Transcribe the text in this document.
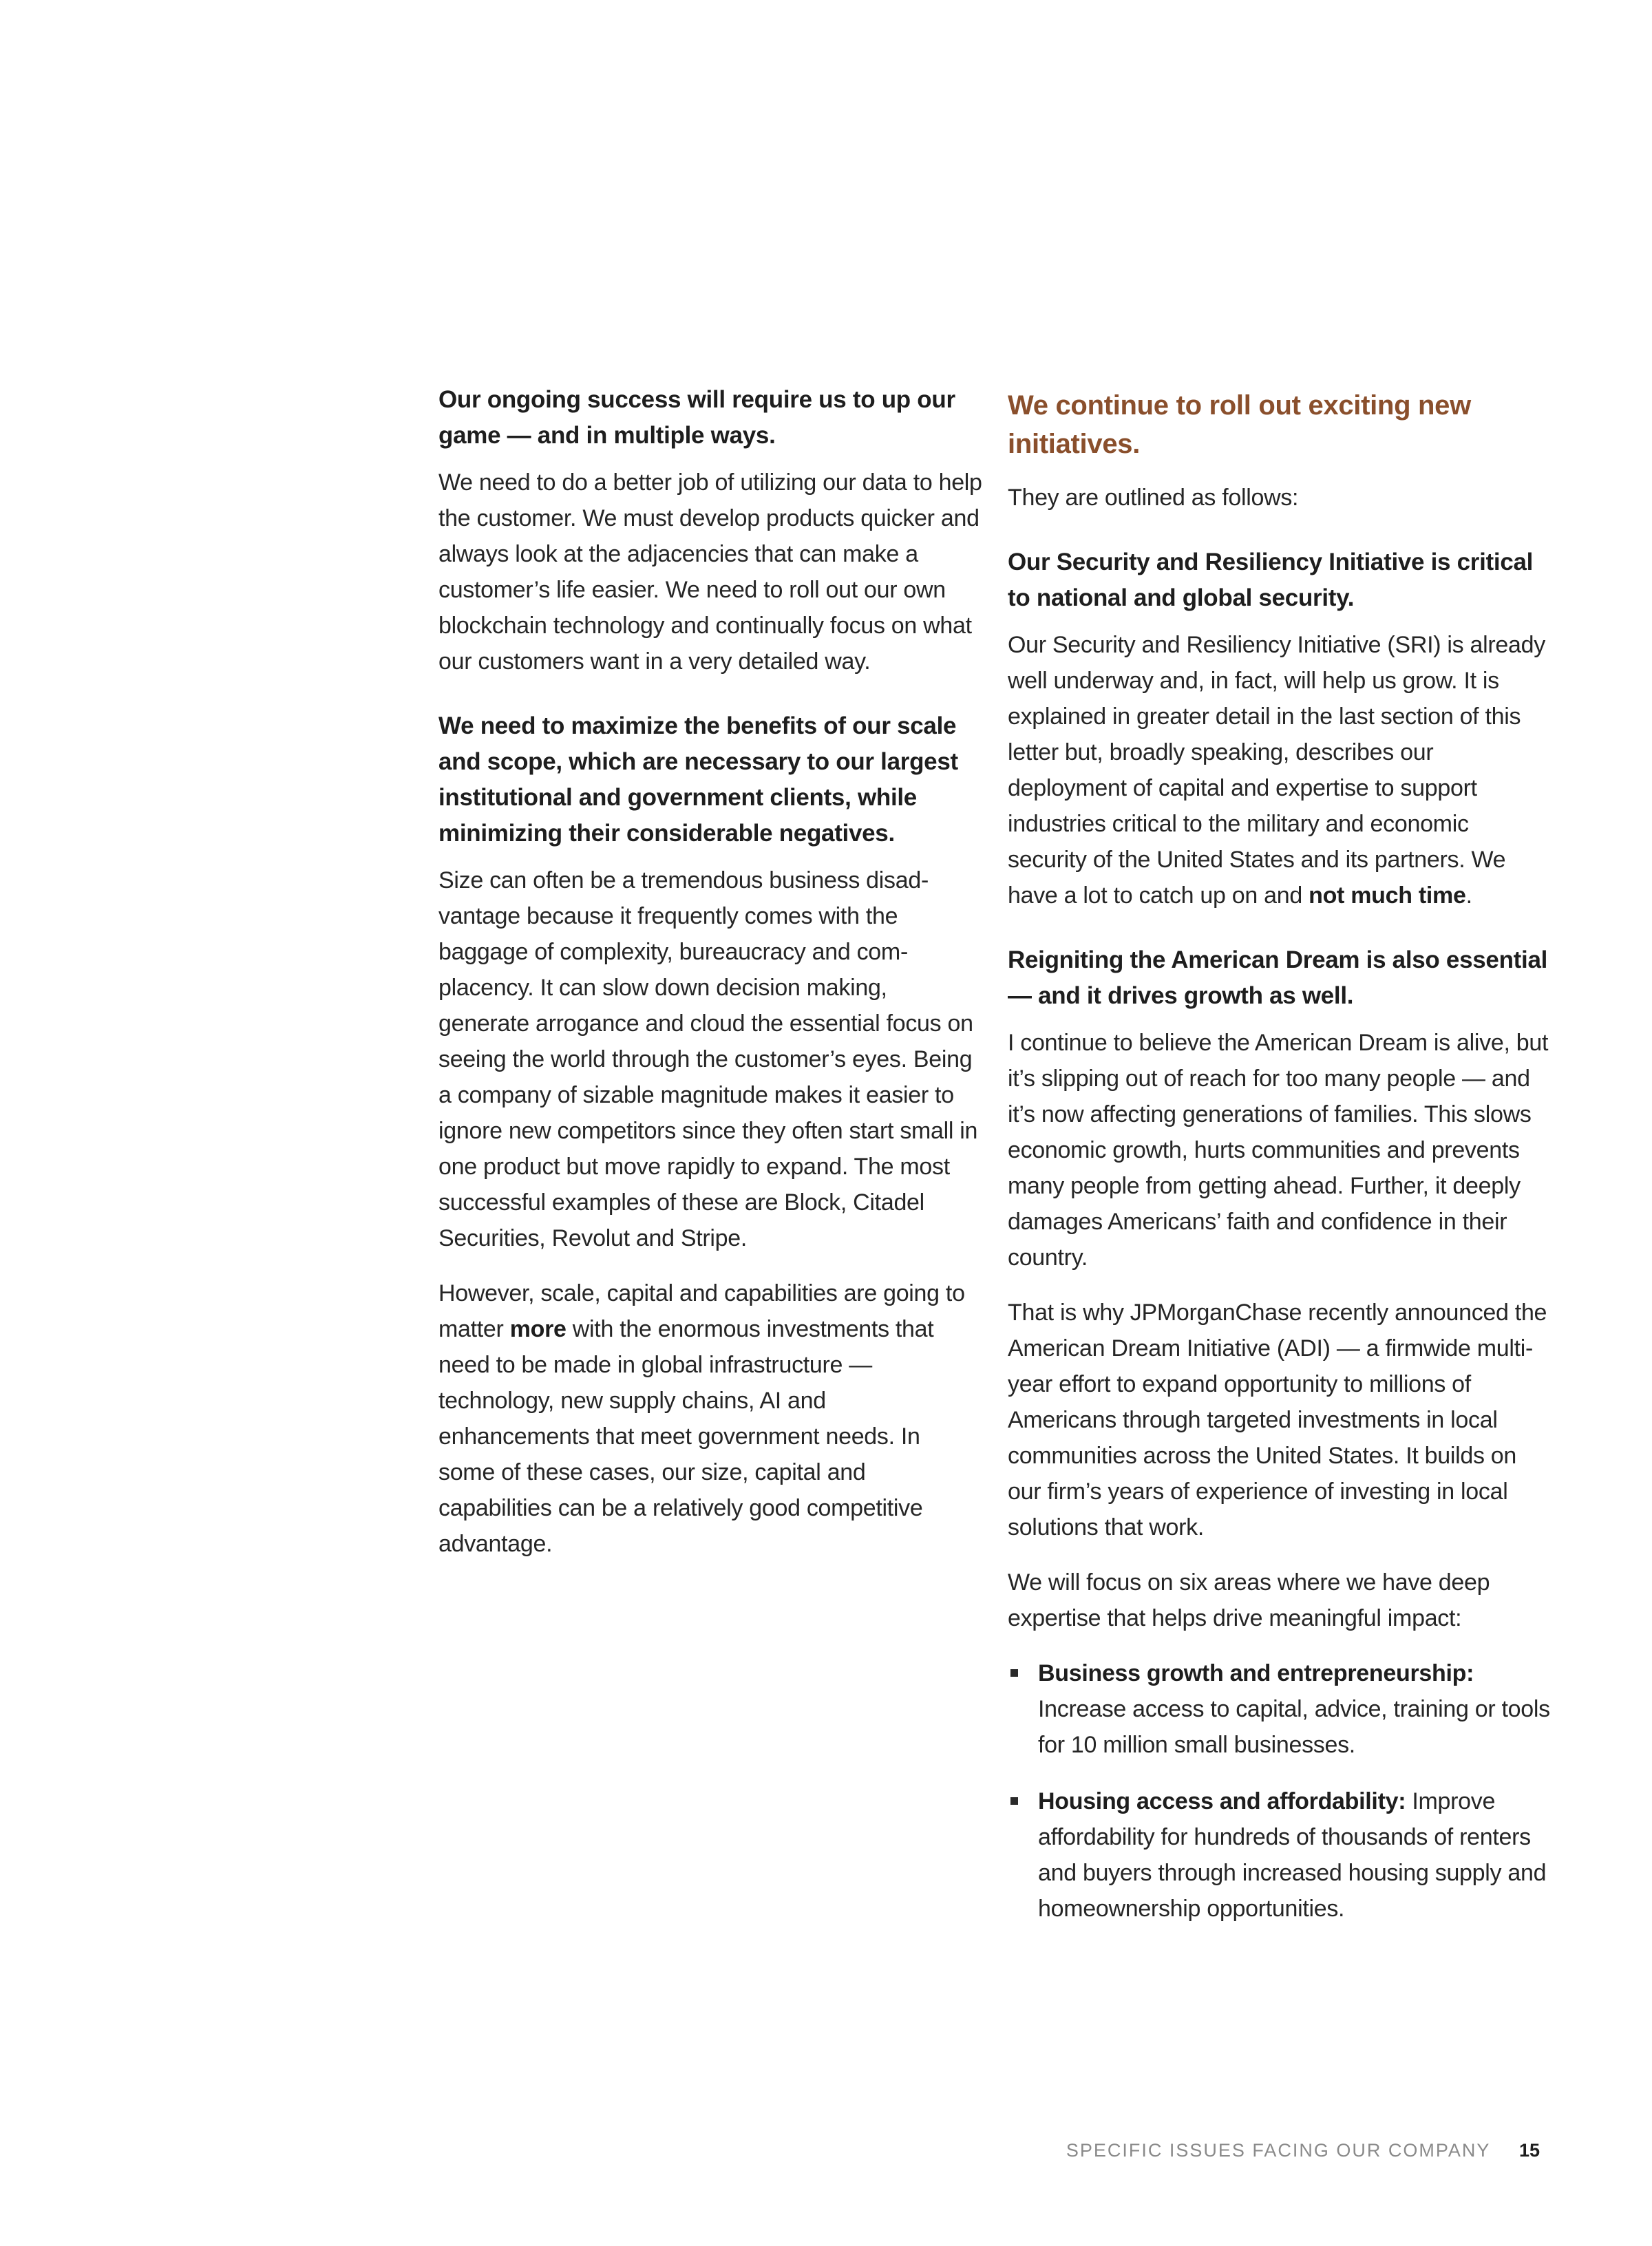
Our ongoing success will require us to up our game — and in multiple ways.

We need to do a better job of utilizing our data to help the customer. We must develop products quicker and always look at the adjacencies that can make a customer’s life easier. We need to roll out our own blockchain technology and continually focus on what our customers want in a very detailed way.

We need to maximize the benefits of our scale and scope, which are necessary to our largest institutional and government clients, while minimizing their considerable negatives.

Size can often be a tremendous business disadvantage because it frequently comes with the baggage of complexity, bureaucracy and complacency. It can slow down decision making, generate arrogance and cloud the essential focus on seeing the world through the customer’s eyes. Being a company of sizable magnitude makes it easier to ignore new competitors since they often start small in one product but move rapidly to expand. The most successful examples of these are Block, Citadel Securities, Revolut and Stripe.

However, scale, capital and capabilities are going to matter more with the enormous investments that need to be made in global infrastructure — technology, new supply chains, AI and enhancements that meet government needs. In some of these cases, our size, capital and capabilities can be a relatively good competitive advantage.

We continue to roll out exciting new initiatives.

They are outlined as follows:

Our Security and Resiliency Initiative is critical to national and global security.

Our Security and Resiliency Initiative (SRI) is already well underway and, in fact, will help us grow. It is explained in greater detail in the last section of this letter but, broadly speaking, describes our deployment of capital and expertise to support industries critical to the military and economic security of the United States and its partners. We have a lot to catch up on and not much time.

Reigniting the American Dream is also essential — and it drives growth as well.

I continue to believe the American Dream is alive, but it’s slipping out of reach for too many people — and it’s now affecting generations of families. This slows economic growth, hurts communities and prevents many people from getting ahead. Further, it deeply damages Americans’ faith and confidence in their country.

That is why JPMorganChase recently announced the American Dream Initiative (ADI) — a firmwide multi-year effort to expand opportunity to millions of Americans through targeted investments in local communities across the United States. It builds on our firm’s years of experience of investing in local solutions that work.

We will focus on six areas where we have deep expertise that helps drive meaningful impact:

Business growth and entrepreneurship: Increase access to capital, advice, training or tools for 10 million small businesses.
Housing access and affordability: Improve affordability for hundreds of thousands of renters and buyers through increased housing supply and homeownership opportunities.
SPECIFIC ISSUES FACING OUR COMPANY 15
